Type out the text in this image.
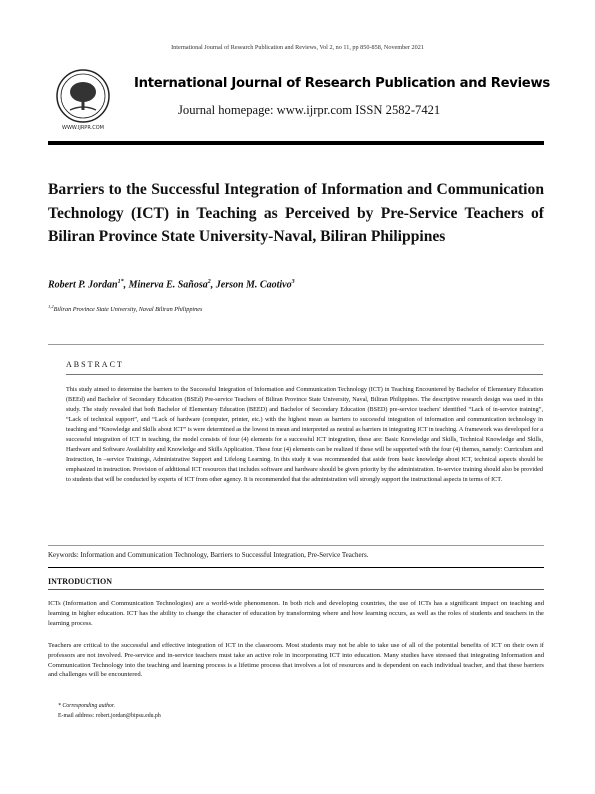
International Journal of Research Publication and Reviews, Vol 2, no 11, pp 850-858, November 2021
WWW.IJRPR.COM
International Journal of Research Publication and Reviews
Journal homepage: www.ijrpr.com ISSN 2582-7421
Barriers to the Successful Integration of Information and Communication Technology (ICT) in Teaching as Perceived by Pre-Service Teachers of Biliran Province State University-Naval, Biliran Philippines
Robert P. Jordan$^{1*}$, Minerva E. Sañosa$^2$, Jerson M. Caotivo$^3$
$^{1,2}$Biliran Province State University, Naval Biliran Philippines
ABSTRACT
This study aimed to determine the barriers to the Successful Integration of Information and Communication Technology (ICT) in Teaching Encountered by Bachelor of Elementary Education (BEEd) and Bachelor of Secondary Education (BSEd) Pre-service Teachers of Biliran Province State University, Naval, Biliran Philippines. The descriptive research design was used in this study. The study revealed that both Bachelor of Elementary Education (BEED) and Bachelor of Secondary Education (BSED) pre-service teachers' identified “Lack of in-service training”, “Lack of technical support”, and “Lack of hardware (computer, printer, etc.) with the highest mean as barriers to successful integration of information and communication technology in teaching and “Knowledge and Skills about ICT” is were determined as the lowest in mean and interpreted as neutral as barriers in integrating ICT in teaching. A framework was developed for a successful integration of ICT in teaching, the model consists of four (4) elements for a successful ICT integration, these are: Basic Knowledge and Skills, Technical Knowledge and Skills, Hardware and Software Availability and Knowledge and Skills Application. These four (4) elements can be realized if these will be supported with the four (4) themes, namely: Curriculum and Instruction, In –service Trainings, Administrative Support and Lifelong Learning. In this study it was recommended that aside from basic knowledge about ICT, technical aspects should be emphasized in instruction. Provision of additional ICT resources that includes software and hardware should be given priority by the administration. In-service training should also be provided to students that will be conducted by experts of ICT from other agency. It is recommended that the administration will strongly support the instructional aspects in terms of ICT.
Keywords: Information and Communication Technology, Barriers to Successful Integration, Pre-Service Teachers.
INTRODUCTION
ICTs (Information and Communication Technologies) are a world-wide phenomenon. In both rich and developing countries, the use of ICTs has a significant impact on teaching and learning in higher education. ICT has the ability to change the character of education by transforming where and how learning occurs, as well as the roles of students and teachers in the learning process.
Teachers are critical to the successful and effective integration of ICT in the classroom. Most students may not be able to take use of all of the potential benefits of ICT on their own if professors are not involved. Pre-service and in-service teachers must take an active role in incorporating ICT into education. Many studies have stressed that integrating Information and Communication Technology into the teaching and learning process is a lifetime process that involves a lot of resources and is dependent on each individual teacher, and that these barriers and challenges will be encountered.
* Corresponding author.
E-mail address: robert.jordan@bipsu.edu.ph
